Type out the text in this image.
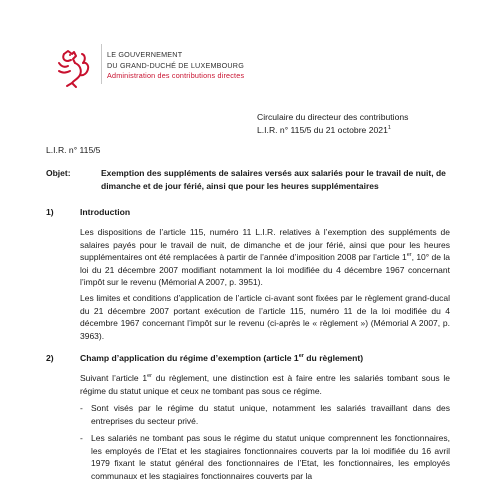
LE GOUVERNEMENT
DU GRAND-DUCHÉ DE LUXEMBOURG
Administration des contributions directes
Circulaire du directeur des contributions
L.I.R. n° 115/5 du 21 octobre 2021$^1$
L.I.R. n° 115/5
Objet:	Exemption des suppléments de salaires versés aux salariés pour le travail de nuit, de dimanche et de jour férié, ainsi que pour les heures supplémentaires
1)	Introduction
Les dispositions de l’article 115, numéro 11 L.I.R. relatives à l’exemption des suppléments de salaires payés pour le travail de nuit, de dimanche et de jour férié, ainsi que pour les heures supplémentaires ont été remplacées à partir de l’année d’imposition 2008 par l’article 1er, 10° de la loi du 21 décembre 2007 modifiant notamment la loi modifiée du 4 décembre 1967 concernant l’impôt sur le revenu (Mémorial A 2007, p. 3951).
Les limites et conditions d’application de l’article ci-avant sont fixées par le règlement grand-ducal du 21 décembre 2007 portant exécution de l’article 115, numéro 11 de la loi modifiée du 4 décembre 1967 concernant l’impôt sur le revenu (ci-après le « règlement ») (Mémorial A 2007, p. 3963).
2)	Champ d’application du régime d’exemption (article 1er du règlement)
Suivant l’article 1er du règlement, une distinction est à faire entre les salariés tombant sous le régime du statut unique et ceux ne tombant pas sous ce régime.
- Sont visés par le régime du statut unique, notamment les salariés travaillant dans des entreprises du secteur privé.
- Les salariés ne tombant pas sous le régime du statut unique comprennent les fonctionnaires, les employés de l’Etat et les stagiaires fonctionnaires couverts par la loi modifiée du 16 avril 1979 fixant le statut général des fonctionnaires de l’Etat, les fonctionnaires, les employés communaux et les stagiaires fonctionnaires couverts par la
